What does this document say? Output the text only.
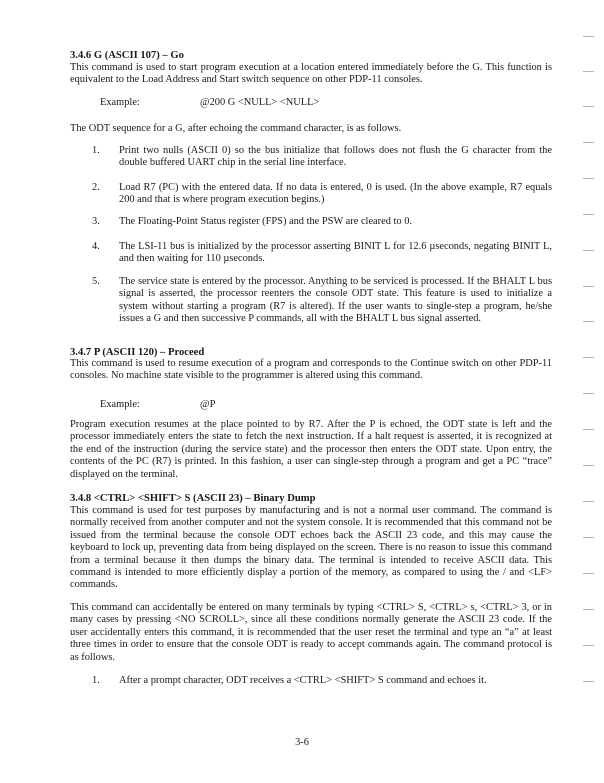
3.4.6 G (ASCII 107) – Go
This command is used to start program execution at a location entered immediately before the G. This function is equivalent to the Load Address and Start switch sequence on other PDP-11 consoles.
Example:	@200 G <NULL> <NULL>
The ODT sequence for a G, after echoing the command character, is as follows.
1. Print two nulls (ASCII 0) so the bus initialize that follows does not flush the G character from the double buffered UART chip in the serial line interface.
2. Load R7 (PC) with the entered data. If no data is entered, 0 is used. (In the above example, R7 equals 200 and that is where program execution begins.)
3. The Floating-Point Status register (FPS) and the PSW are cleared to 0.
4. The LSI-11 bus is initialized by the processor asserting BINIT L for 12.6 µseconds, negating BINIT L, and then waiting for 110 µseconds.
5. The service state is entered by the processor. Anything to be serviced is processed. If the BHALT L bus signal is asserted, the processor reenters the console ODT state. This feature is used to initialize a system without starting a program (R7 is altered). If the user wants to single-step a program, he/she issues a G and then successive P commands, all with the BHALT L bus signal asserted.
3.4.7 P (ASCII 120) – Proceed
This command is used to resume execution of a program and corresponds to the Continue switch on other PDP-11 consoles. No machine state visible to the programmer is altered using this command.
Example:	@P
Program execution resumes at the place pointed to by R7. After the P is echoed, the ODT state is left and the processor immediately enters the state to fetch the next instruction. If a halt request is asserted, it is recognized at the end of the instruction (during the service state) and the processor then enters the ODT state. Upon entry, the contents of the PC (R7) is printed. In this fashion, a user can single-step through a program and get a PC “trace” displayed on the terminal.
3.4.8 <CTRL> <SHIFT> S (ASCII 23) – Binary Dump
This command is used for test purposes by manufacturing and is not a normal user command. The command is normally received from another computer and not the system console. It is recommended that this command not be issued from the terminal because the console ODT echoes back the ASCII 23 code, and this may cause the keyboard to lock up, preventing data from being displayed on the screen. There is no reason to issue this command from a terminal because it then dumps the binary data. The terminal is intended to receive ASCII data. This command is intended to more efficiently display a portion of the memory, as compared to using the / and <LF> commands.
This command can accidentally be entered on many terminals by typing <CTRL> S, <CTRL> s, <CTRL> 3, or in many cases by pressing <NO SCROLL>, since all these conditions normally generate the ASCII 23 code. If the user accidentally enters this command, it is recommended that the user reset the terminal and type an “a” at least three times in order to ensure that the console ODT is ready to accept commands again. The command protocol is as follows.
1. After a prompt character, ODT receives a <CTRL> <SHIFT> S command and echoes it.
3-6
